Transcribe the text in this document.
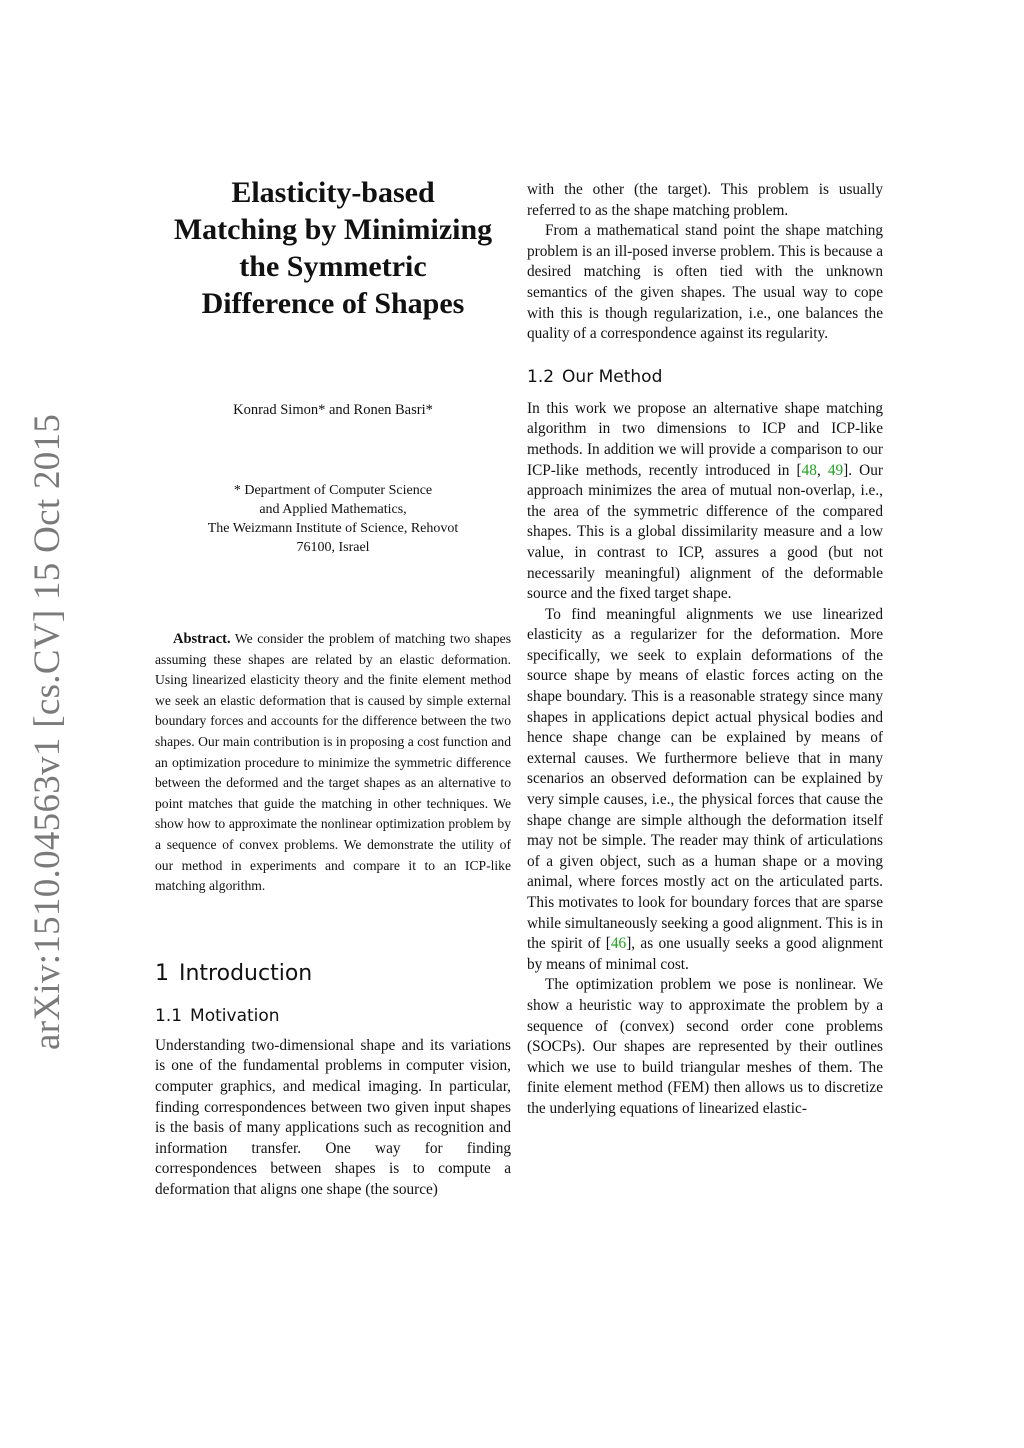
arXiv:1510.04563v1 [cs.CV] 15 Oct 2015
Elasticity-based
Matching by Minimizing
the Symmetric
Difference of Shapes
Konrad Simon* and Ronen Basri*
* Department of Computer Science
and Applied Mathematics,
The Weizmann Institute of Science, Rehovot
76100, Israel

Abstract. We consider the problem of matching two shapes assuming these shapes are related by an elastic deformation. Using linearized elasticity theory and the finite element method we seek an elastic deformation that is caused by simple external boundary forces and accounts for the difference between the two shapes. Our main contribution is in proposing a cost function and an optimization procedure to minimize the symmetric difference between the deformed and the target shapes as an alternative to point matches that guide the matching in other techniques. We show how to approximate the nonlinear optimization problem by a sequence of convex problems. We demonstrate the utility of our method in experiments and compare it to an ICP-like matching algorithm.

1 Introduction
1.1 Motivation

Understanding two-dimensional shape and its variations is one of the fundamental problems in computer vision, computer graphics, and medical imaging. In particular, finding correspondences between two given input shapes is the basis of many applications such as recognition and information transfer. One way for finding correspondences between shapes is to compute a deformation that aligns one shape (the source)

with the other (the target). This problem is usually referred to as the shape matching problem.

From a mathematical stand point the shape matching problem is an ill-posed inverse problem. This is because a desired matching is often tied with the unknown semantics of the given shapes. The usual way to cope with this is though regularization, i.e., one balances the quality of a correspondence against its regularity.

1.2 Our Method

In this work we propose an alternative shape matching algorithm in two dimensions to ICP and ICP-like methods. In addition we will provide a comparison to our ICP-like methods, recently introduced in [48, 49]. Our approach minimizes the area of mutual non-overlap, i.e., the area of the symmetric difference of the compared shapes. This is a global dissimilarity measure and a low value, in contrast to ICP, assures a good (but not necessarily meaningful) alignment of the deformable source and the fixed target shape.

To find meaningful alignments we use linearized elasticity as a regularizer for the deformation. More specifically, we seek to explain deformations of the source shape by means of elastic forces acting on the shape boundary. This is a reasonable strategy since many shapes in applications depict actual physical bodies and hence shape change can be explained by means of external causes. We furthermore believe that in many scenarios an observed deformation can be explained by very simple causes, i.e., the physical forces that cause the shape change are simple although the deformation itself may not be simple. The reader may think of articulations of a given object, such as a human shape or a moving animal, where forces mostly act on the articulated parts. This motivates to look for boundary forces that are sparse while simultaneously seeking a good alignment. This is in the spirit of [46], as one usually seeks a good alignment by means of minimal cost.

The optimization problem we pose is nonlinear. We show a heuristic way to approximate the problem by a sequence of (convex) second order cone problems (SOCPs). Our shapes are represented by their outlines which we use to build triangular meshes of them. The finite element method (FEM) then allows us to discretize the underlying equations of linearized elastic-
